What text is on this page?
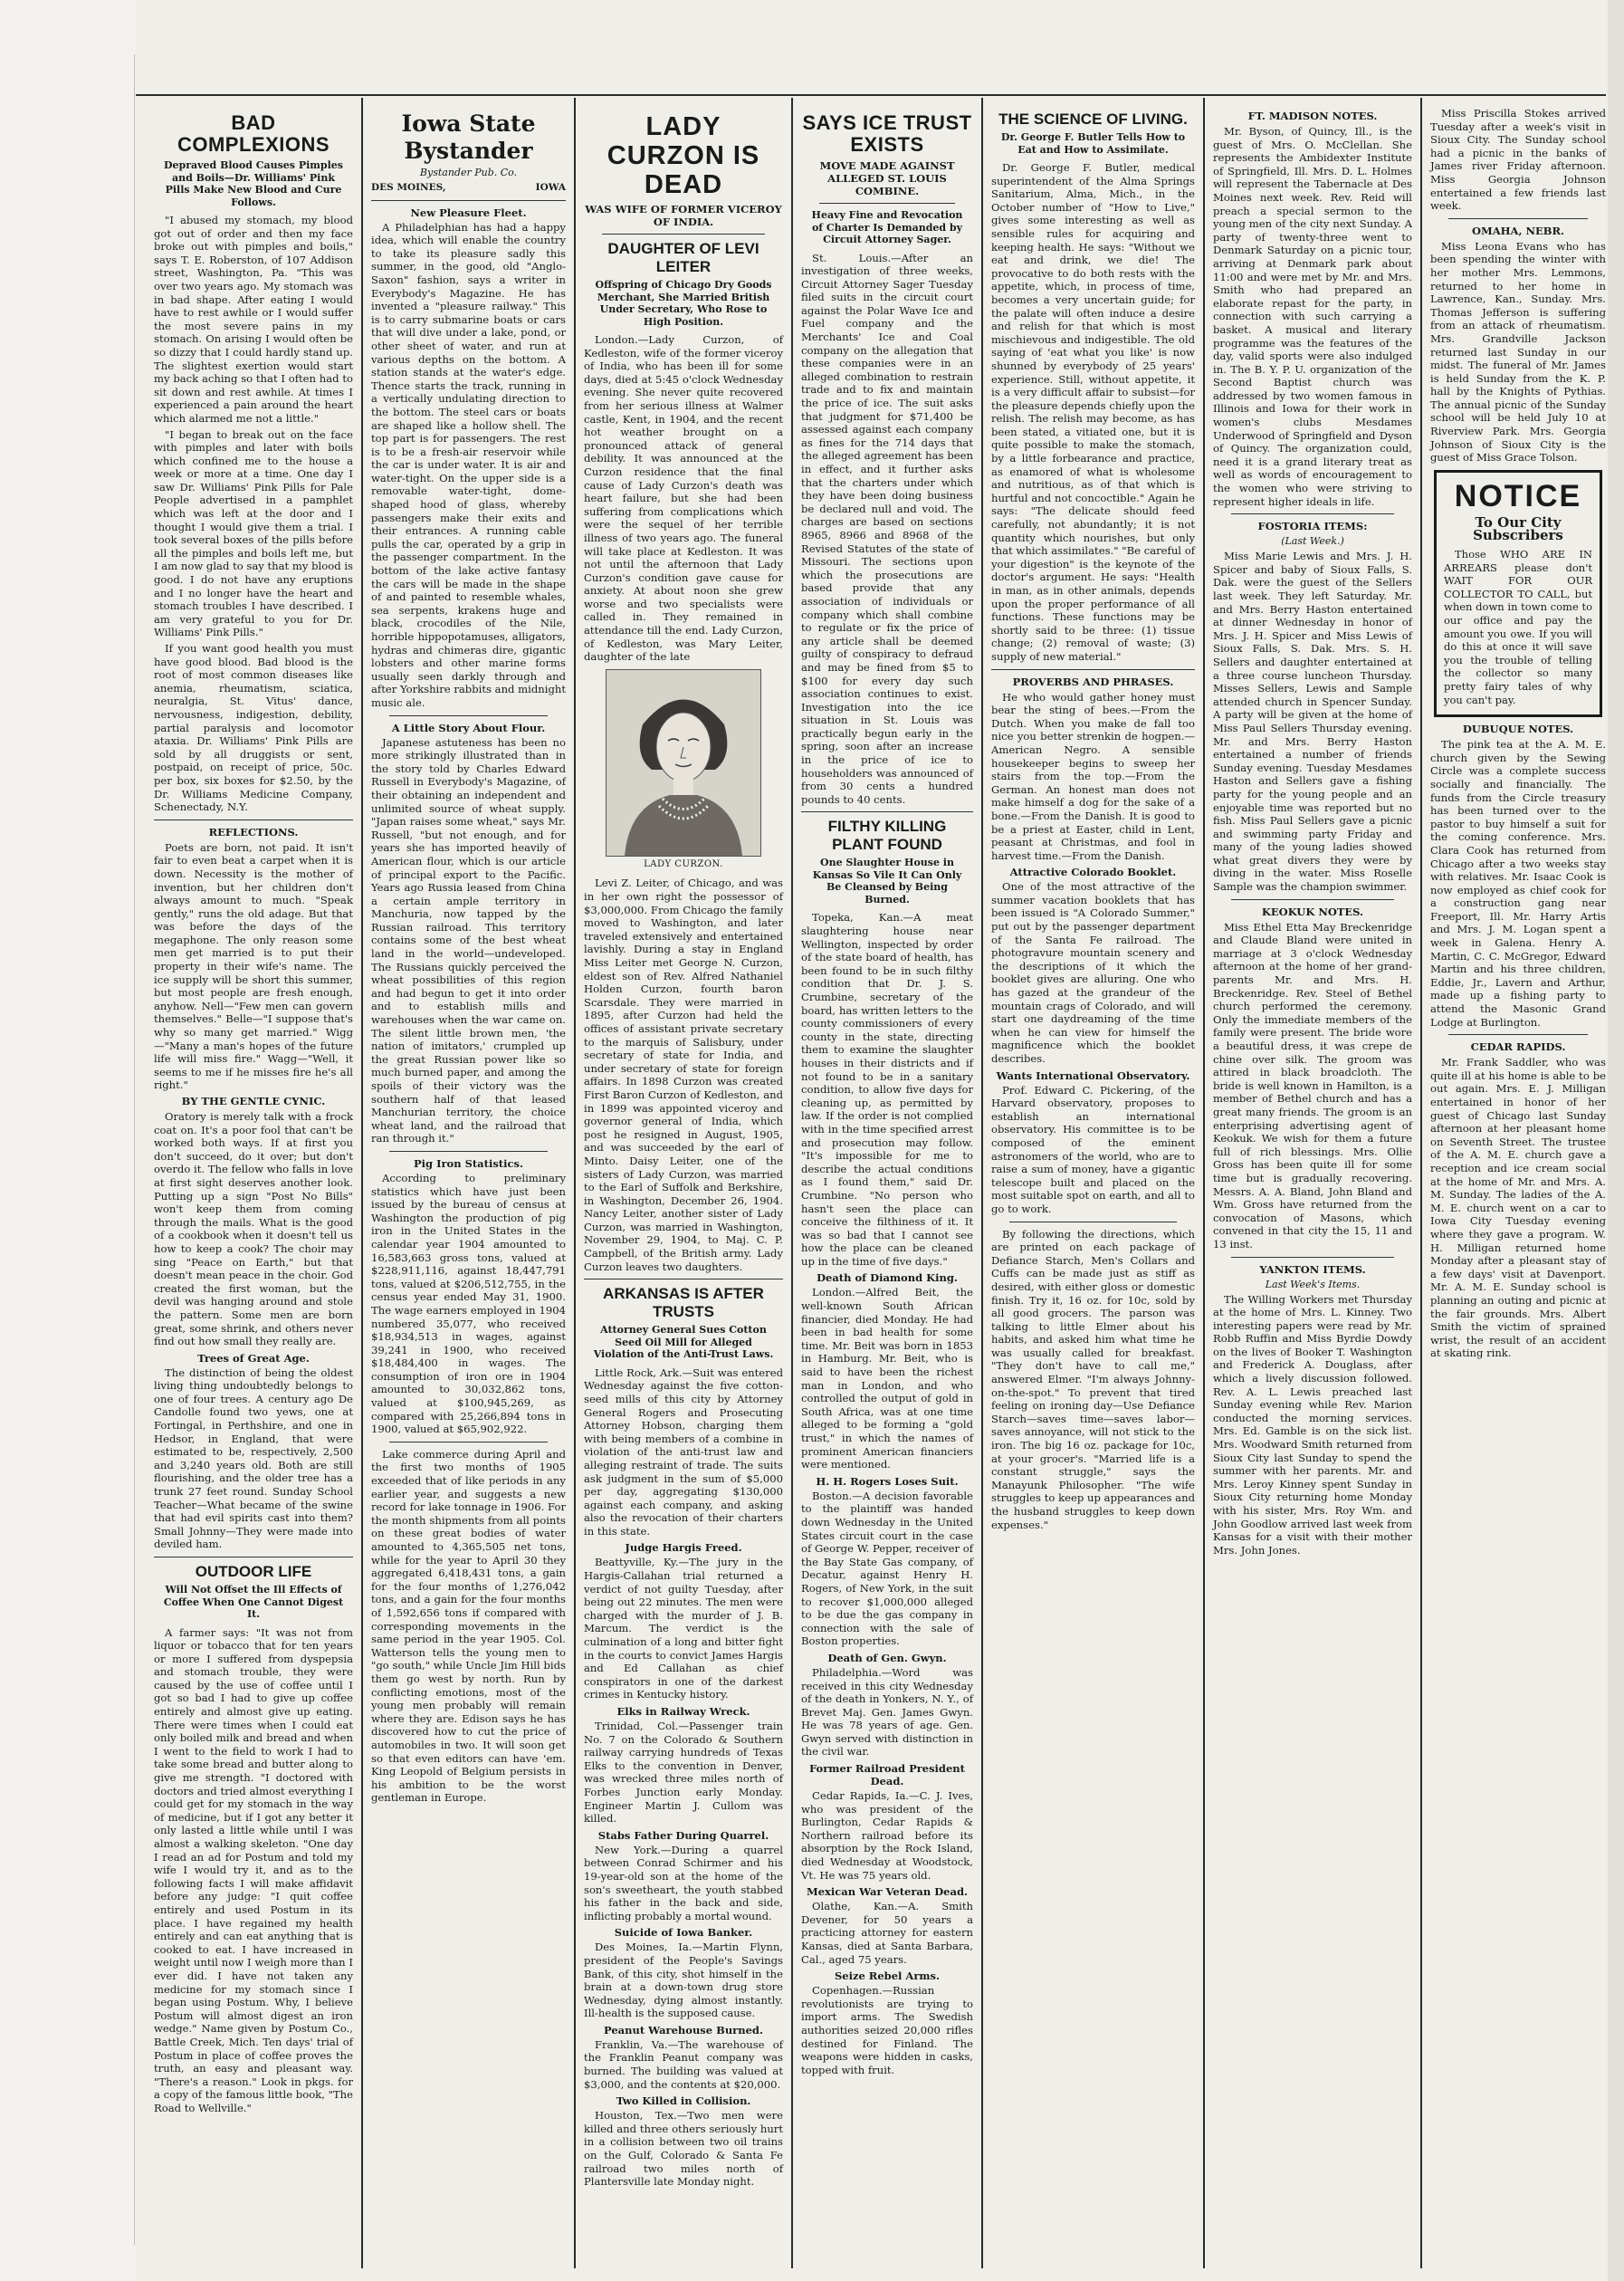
BAD COMPLEXIONS
Depraved Blood Causes Pimples and Boils—Dr. Williams' Pink Pills Make New Blood and Cure Follows.

"I abused my stomach, my blood got out of order and then my face broke out with pimples and boils," says T. E. Roberston, of 107 Addison street, Washington, Pa. "This was over two years ago. My stomach was in bad shape. After eating I would have to rest awhile or I would suffer the most severe pains in my stomach. On arising I would often be so dizzy that I could hardly stand up. The slightest exertion would start my back aching so that I often had to sit down and rest awhile. At times I experienced a pain around the heart which alarmed me not a little."

"I began to break out on the face with pimples and later with boils which confined me to the house a week or more at a time. One day I saw Dr. Williams' Pink Pills for Pale People advertised in a pamphlet which was left at the door and I thought I would give them a trial. I took several boxes of the pills before all the pimples and boils left me, but I am now glad to say that my blood is good. I do not have any eruptions and I no longer have the heart and stomach troubles I have described. I am very grateful to you for Dr. Williams' Pink Pills."

If you want good health you must have good blood. Bad blood is the root of most common diseases like anemia, rheumatism, sciatica, neuralgia, St. Vitus' dance, nervousness, indigestion, debility, partial paralysis and locomotor ataxia. Dr. Williams' Pink Pills are sold by all druggists or sent, postpaid, on receipt of price, 50c. per box, six boxes for $2.50, by the Dr. Williams Medicine Company, Schenectady, N.Y.

REFLECTIONS.

Poets are born, not paid. It isn't fair to even beat a carpet when it is down. Necessity is the mother of invention, but her children don't always amount to much. "Speak gently," runs the old adage. But that was before the days of the megaphone. The only reason some men get married is to put their property in their wife's name. The ice supply will be short this summer, but most people are fresh enough, anyhow. Nell—"Few men can govern themselves." Belle—"I suppose that's why so many get married." Wigg—"Many a man's hopes of the future life will miss fire." Wagg—"Well, it seems to me if he misses fire he's all right."

BY THE GENTLE CYNIC.

Oratory is merely talk with a frock coat on. It's a poor fool that can't be worked both ways. If at first you don't succeed, do it over; but don't overdo it. The fellow who falls in love at first sight deserves another look. Putting up a sign "Post No Bills" won't keep them from coming through the mails. What is the good of a cookbook when it doesn't tell us how to keep a cook? The choir may sing "Peace on Earth," but that doesn't mean peace in the choir. God created the first woman, but the devil was hanging around and stole the pattern. Some men are born great, some shrink, and others never find out how small they really are.

Trees of Great Age.

The distinction of being the oldest living thing undoubtedly belongs to one of four trees. A century ago De Candolle found two yews, one at Fortingal, in Perthshire, and one in Hedsor, in England, that were estimated to be, respectively, 2,500 and 3,240 years old. Both are still flourishing, and the older tree has a trunk 27 feet round. Sunday School Teacher—What became of the swine that had evil spirits cast into them? Small Johnny—They were made into deviled ham.

OUTDOOR LIFE
Will Not Offset the Ill Effects of Coffee When One Cannot Digest It.

A farmer says: "It was not from liquor or tobacco that for ten years or more I suffered from dyspepsia and stomach trouble, they were caused by the use of coffee until I got so bad I had to give up coffee entirely and almost give up eating. There were times when I could eat only boiled milk and bread and when I went to the field to work I had to take some bread and butter along to give me strength. "I doctored with doctors and tried almost everything I could get for my stomach in the way of medicine, but if I got any better it only lasted a little while until I was almost a walking skeleton. "One day I read an ad for Postum and told my wife I would try it, and as to the following facts I will make affidavit before any judge: "I quit coffee entirely and used Postum in its place. I have regained my health entirely and can eat anything that is cooked to eat. I have increased in weight until now I weigh more than I ever did. I have not taken any medicine for my stomach since I began using Postum. Why, I believe Postum will almost digest an iron wedge." Name given by Postum Co., Battle Creek, Mich. Ten days' trial of Postum in place of coffee proves the truth, an easy and pleasant way. "There's a reason." Look in pkgs. for a copy of the famous little book, "The Road to Wellville."

Iowa State Bystander
Bystander Pub. Co.
DES MOINES,	IOWA
New Pleasure Fleet.

A Philadelphian has had a happy idea, which will enable the country to take its pleasure sadly this summer, in the good, old "Anglo-Saxon" fashion, says a writer in Everybody's Magazine. He has invented a "pleasure railway." This is to carry submarine boats or cars that will dive under a lake, pond, or other sheet of water, and run at various depths on the bottom. A station stands at the water's edge. Thence starts the track, running in a vertically undulating direction to the bottom. The steel cars or boats are shaped like a hollow shell. The top part is for passengers. The rest is to be a fresh-air reservoir while the car is under water. It is air and water-tight. On the upper side is a removable water-tight, dome-shaped hood of glass, whereby passengers make their exits and their entrances. A running cable pulls the car, operated by a grip in the passenger compartment. In the bottom of the lake active fantasy the cars will be made in the shape of and painted to resemble whales, sea serpents, krakens huge and black, crocodiles of the Nile, horrible hippopotamuses, alligators, hydras and chimeras dire, gigantic lobsters and other marine forms usually seen darkly through and after Yorkshire rabbits and midnight music ale.

A Little Story About Flour.

Japanese astuteness has been no more strikingly illustrated than in the story told by Charles Edward Russell in Everybody's Magazine, of their obtaining an independent and unlimited source of wheat supply. "Japan raises some wheat," says Mr. Russell, "but not enough, and for years she has imported heavily of American flour, which is our article of principal export to the Pacific. Years ago Russia leased from China a certain ample territory in Manchuria, now tapped by the Russian railroad. This territory contains some of the best wheat land in the world—undeveloped. The Russians quickly perceived the wheat possibilities of this region and had begun to get it into order and to establish mills and warehouses when the war came on. The silent little brown men, 'the nation of imitators,' crumpled up the great Russian power like so much burned paper, and among the spoils of their victory was the southern half of that leased Manchurian territory, the choice wheat land, and the railroad that ran through it."

Pig Iron Statistics.

According to preliminary statistics which have just been issued by the bureau of census at Washington the production of pig iron in the United States in the calendar year 1904 amounted to 16,583,663 gross tons, valued at $228,911,116, against 18,447,791 tons, valued at $206,512,755, in the census year ended May 31, 1900. The wage earners employed in 1904 numbered 35,077, who received $18,934,513 in wages, against 39,241 in 1900, who received $18,484,400 in wages. The consumption of iron ore in 1904 amounted to 30,032,862 tons, valued at $100,945,269, as compared with 25,266,894 tons in 1900, valued at $65,902,922.

Lake commerce during April and the first two months of 1905 exceeded that of like periods in any earlier year, and suggests a new record for lake tonnage in 1906. For the month shipments from all points on these great bodies of water amounted to 4,365,505 net tons, while for the year to April 30 they aggregated 6,418,431 tons, a gain for the four months of 1,276,042 tons, and a gain for the four months of 1,592,656 tons if compared with corresponding movements in the same period in the year 1905. Col. Watterson tells the young men to "go south," while Uncle Jim Hill bids them go west by north. Run by conflicting emotions, most of the young men probably will remain where they are. Edison says he has discovered how to cut the price of automobiles in two. It will soon get so that even editors can have 'em. King Leopold of Belgium persists in his ambition to be the worst gentleman in Europe.

LADY CURZON IS DEAD
WAS WIFE OF FORMER VICEROY OF INDIA.
DAUGHTER OF LEVI LEITER
Offspring of Chicago Dry Goods Merchant, She Married British Under Secretary, Who Rose to High Position.

London.—Lady Curzon, of Kedleston, wife of the former viceroy of India, who has been ill for some days, died at 5:45 o'clock Wednesday evening. She never quite recovered from her serious illness at Walmer castle, Kent, in 1904, and the recent hot weather brought on a pronounced attack of general debility. It was announced at the Curzon residence that the final cause of Lady Curzon's death was heart failure, but she had been suffering from complications which were the sequel of her terrible illness of two years ago. The funeral will take place at Kedleston. It was not until the afternoon that Lady Curzon's condition gave cause for anxiety. At about noon she grew worse and two specialists were called in. They remained in attendance till the end. Lady Curzon, of Kedleston, was Mary Leiter, daughter of the late

LADY CURZON.

Levi Z. Leiter, of Chicago, and was in her own right the possessor of $3,000,000. From Chicago the family moved to Washington, and later traveled extensively and entertained lavishly. During a stay in England Miss Leiter met George N. Curzon, eldest son of Rev. Alfred Nathaniel Holden Curzon, fourth baron Scarsdale. They were married in 1895, after Curzon had held the offices of assistant private secretary to the marquis of Salisbury, under secretary of state for India, and under secretary of state for foreign affairs. In 1898 Curzon was created First Baron Curzon of Kedleston, and in 1899 was appointed viceroy and governor general of India, which post he resigned in August, 1905, and was succeeded by the earl of Minto. Daisy Leiter, one of the sisters of Lady Curzon, was married to the Earl of Suffolk and Berkshire, in Washington, December 26, 1904. Nancy Leiter, another sister of Lady Curzon, was married in Washington, November 29, 1904, to Maj. C. P. Campbell, of the British army. Lady Curzon leaves two daughters.

ARKANSAS IS AFTER TRUSTS
Attorney General Sues Cotton Seed Oil Mill for Alleged Violation of the Anti-Trust Laws.

Little Rock, Ark.—Suit was entered Wednesday against the five cotton-seed mills of this city by Attorney General Rogers and Prosecuting Attorney Hobson, charging them with being members of a combine in violation of the anti-trust law and alleging restraint of trade. The suits ask judgment in the sum of $5,000 per day, aggregating $130,000 against each company, and asking also the revocation of their charters in this state.

Judge Hargis Freed.

Beattyville, Ky.—The jury in the Hargis-Callahan trial returned a verdict of not guilty Tuesday, after being out 22 minutes. The men were charged with the murder of J. B. Marcum. The verdict is the culmination of a long and bitter fight in the courts to convict James Hargis and Ed Callahan as chief conspirators in one of the darkest crimes in Kentucky history.

Elks in Railway Wreck.

Trinidad, Col.—Passenger train No. 7 on the Colorado & Southern railway carrying hundreds of Texas Elks to the convention in Denver, was wrecked three miles north of Forbes Junction early Monday. Engineer Martin J. Cullom was killed.

Stabs Father During Quarrel.

New York.—During a quarrel between Conrad Schirmer and his 19-year-old son at the home of the son's sweetheart, the youth stabbed his father in the back and side, inflicting probably a mortal wound.

Suicide of Iowa Banker.

Des Moines, Ia.—Martin Flynn, president of the People's Savings Bank, of this city, shot himself in the brain at a down-town drug store Wednesday, dying almost instantly. Ill-health is the supposed cause.

Peanut Warehouse Burned.

Franklin, Va.—The warehouse of the Franklin Peanut company was burned. The building was valued at $3,000, and the contents at $20,000.

Two Killed in Collision.

Houston, Tex.—Two men were killed and three others seriously hurt in a collision between two oil trains on the Gulf, Colorado & Santa Fe railroad two miles north of Plantersville late Monday night.

SAYS ICE TRUST EXISTS
MOVE MADE AGAINST ALLEGED ST. LOUIS COMBINE.
Heavy Fine and Revocation of Charter Is Demanded by Circuit Attorney Sager.

St. Louis.—After an investigation of three weeks, Circuit Attorney Sager Tuesday filed suits in the circuit court against the Polar Wave Ice and Fuel company and the Merchants' Ice and Coal company on the allegation that these companies were in an alleged combination to restrain trade and to fix and maintain the price of ice. The suit asks that judgment for $71,400 be assessed against each company as fines for the 714 days that the alleged agreement has been in effect, and it further asks that the charters under which they have been doing business be declared null and void. The charges are based on sections 8965, 8966 and 8968 of the Revised Statutes of the state of Missouri. The sections upon which the prosecutions are based provide that any association of individuals or company which shall combine to regulate or fix the price of any article shall be deemed guilty of conspiracy to defraud and may be fined from $5 to $100 for every day such association continues to exist. Investigation into the ice situation in St. Louis was practically begun early in the spring, soon after an increase in the price of ice to householders was announced of from 30 cents a hundred pounds to 40 cents.

FILTHY KILLING PLANT FOUND
One Slaughter House in Kansas So Vile It Can Only Be Cleansed by Being Burned.

Topeka, Kan.—A meat slaughtering house near Wellington, inspected by order of the state board of health, has been found to be in such filthy condition that Dr. J. S. Crumbine, secretary of the board, has written letters to the county commissioners of every county in the state, directing them to examine the slaughter houses in their districts and if not found to be in a sanitary condition, to allow five days for cleaning up, as permitted by law. If the order is not complied with in the time specified arrest and prosecution may follow. "It's impossible for me to describe the actual conditions as I found them," said Dr. Crumbine. "No person who hasn't seen the place can conceive the filthiness of it. It was so bad that I cannot see how the place can be cleaned up in the time of five days."

Death of Diamond King.

London.—Alfred Beit, the well-known South African financier, died Monday. He had been in bad health for some time. Mr. Beit was born in 1853 in Hamburg. Mr. Beit, who is said to have been the richest man in London, and who controlled the output of gold in South Africa, was at one time alleged to be forming a "gold trust," in which the names of prominent American financiers were mentioned.

H. H. Rogers Loses Suit.

Boston.—A decision favorable to the plaintiff was handed down Wednesday in the United States circuit court in the case of George W. Pepper, receiver of the Bay State Gas company, of Decatur, against Henry H. Rogers, of New York, in the suit to recover $1,000,000 alleged to be due the gas company in connection with the sale of Boston properties.

Death of Gen. Gwyn.

Philadelphia.—Word was received in this city Wednesday of the death in Yonkers, N. Y., of Brevet Maj. Gen. James Gwyn. He was 78 years of age. Gen. Gwyn served with distinction in the civil war.

Former Railroad President Dead.

Cedar Rapids, Ia.—C. J. Ives, who was president of the Burlington, Cedar Rapids & Northern railroad before its absorption by the Rock Island, died Wednesday at Woodstock, Vt. He was 75 years old.

Mexican War Veteran Dead.

Olathe, Kan.—A. Smith Devener, for 50 years a practicing attorney for eastern Kansas, died at Santa Barbara, Cal., aged 75 years.

Seize Rebel Arms.

Copenhagen.—Russian revolutionists are trying to import arms. The Swedish authorities seized 20,000 rifles destined for Finland. The weapons were hidden in casks, topped with fruit.

THE SCIENCE OF LIVING.
Dr. George F. Butler Tells How to Eat and How to Assimilate.

Dr. George F. Butler, medical superintendent of the Alma Springs Sanitarium, Alma, Mich., in the October number of "How to Live," gives some interesting as well as sensible rules for acquiring and keeping health. He says: "Without we eat and drink, we die! The provocative to do both rests with the appetite, which, in process of time, becomes a very uncertain guide; for the palate will often induce a desire and relish for that which is most mischievous and indigestible. The old saying of 'eat what you like' is now shunned by everybody of 25 years' experience. Still, without appetite, it is a very difficult affair to subsist—for the pleasure depends chiefly upon the relish. The relish may become, as has been stated, a vitiated one, but it is quite possible to make the stomach, by a little forbearance and practice, as enamored of what is wholesome and nutritious, as of that which is hurtful and not concoctible." Again he says: "The delicate should feed carefully, not abundantly; it is not quantity which nourishes, but only that which assimilates." "Be careful of your digestion" is the keynote of the doctor's argument. He says: "Health in man, as in other animals, depends upon the proper performance of all functions. These functions may be shortly said to be three: (1) tissue change; (2) removal of waste; (3) supply of new material."

PROVERBS AND PHRASES.

He who would gather honey must bear the sting of bees.—From the Dutch. When you make de fall too nice you better strenkin de hogpen.—American Negro. A sensible housekeeper begins to sweep her stairs from the top.—From the German. An honest man does not make himself a dog for the sake of a bone.—From the Danish. It is good to be a priest at Easter, child in Lent, peasant at Christmas, and fool in harvest time.—From the Danish.

Attractive Colorado Booklet.

One of the most attractive of the summer vacation booklets that has been issued is "A Colorado Summer," put out by the passenger department of the Santa Fe railroad. The photogravure mountain scenery and the descriptions of it which the booklet gives are alluring. One who has gazed at the grandeur of the mountain crags of Colorado, and will start one daydreaming of the time when he can view for himself the magnificence which the booklet describes.

Wants International Observatory.

Prof. Edward C. Pickering, of the Harvard observatory, proposes to establish an international observatory. His committee is to be composed of the eminent astronomers of the world, who are to raise a sum of money, have a gigantic telescope built and placed on the most suitable spot on earth, and all to go to work.

By following the directions, which are printed on each package of Defiance Starch, Men's Collars and Cuffs can be made just as stiff as desired, with either gloss or domestic finish. Try it, 16 oz. for 10c, sold by all good grocers. The parson was talking to little Elmer about his habits, and asked him what time he was usually called for breakfast. "They don't have to call me," answered Elmer. "I'm always Johnny-on-the-spot." To prevent that tired feeling on ironing day—Use Defiance Starch—saves time—saves labor—saves annoyance, will not stick to the iron. The big 16 oz. package for 10c, at your grocer's. "Married life is a constant struggle," says the Manayunk Philosopher. "The wife struggles to keep up appearances and the husband struggles to keep down expenses."

FT. MADISON NOTES.

Mr. Byson, of Quincy, Ill., is the guest of Mrs. O. McClellan. She represents the Ambidexter Institute of Springfield, Ill. Mrs. D. L. Holmes will represent the Tabernacle at Des Moines next week. Rev. Reid will preach a special sermon to the young men of the city next Sunday. A party of twenty-three went to Denmark Saturday on a picnic tour, arriving at Denmark park about 11:00 and were met by Mr. and Mrs. Smith who had prepared an elaborate repast for the party, in connection with such carrying a basket. A musical and literary programme was the features of the day, valid sports were also indulged in. The B. Y. P. U. organization of the Second Baptist church was addressed by two women famous in Illinois and Iowa for their work in women's clubs Mesdames Underwood of Springfield and Dyson of Quincy. The organization could, need it is a grand literary treat as well as words of encouragement to the women who were striving to represent higher ideals in life.

FOSTORIA ITEMS:
(Last Week.)

Miss Marie Lewis and Mrs. J. H. Spicer and baby of Sioux Falls, S. Dak. were the guest of the Sellers last week. They left Saturday. Mr. and Mrs. Berry Haston entertained at dinner Wednesday in honor of Mrs. J. H. Spicer and Miss Lewis of Sioux Falls, S. Dak. Mrs. S. H. Sellers and daughter entertained at a three course luncheon Thursday. Misses Sellers, Lewis and Sample attended church in Spencer Sunday. A party will be given at the home of Miss Paul Sellers Thursday evening. Mr. and Mrs. Berry Haston entertained a number of friends Sunday evening. Tuesday Mesdames Haston and Sellers gave a fishing party for the young people and an enjoyable time was reported but no fish. Miss Paul Sellers gave a picnic and swimming party Friday and many of the young ladies showed what great divers they were by diving in the water. Miss Roselle Sample was the champion swimmer.

KEOKUK NOTES.

Miss Ethel Etta May Breckenridge and Claude Bland were united in marriage at 3 o'clock Wednesday afternoon at the home of her grand-parents Mr. and Mrs. H. Breckenridge. Rev. Steel of Bethel church performed the ceremony. Only the immediate members of the family were present. The bride wore a beautiful dress, it was crepe de chine over silk. The groom was attired in black broadcloth. The bride is well known in Hamilton, is a member of Bethel church and has a great many friends. The groom is an enterprising advertising agent of Keokuk. We wish for them a future full of rich blessings. Mrs. Ollie Gross has been quite ill for some time but is gradually recovering. Messrs. A. A. Bland, John Bland and Wm. Gross have returned from the convocation of Masons, which convened in that city the 15, 11 and 13 inst.

YANKTON ITEMS.
Last Week's Items.

The Willing Workers met Thursday at the home of Mrs. L. Kinney. Two interesting papers were read by Mr. Robb Ruffin and Miss Byrdie Dowdy on the lives of Booker T. Washington and Frederick A. Douglass, after which a lively discussion followed. Rev. A. L. Lewis preached last Sunday evening while Rev. Marion conducted the morning services. Mrs. Ed. Gamble is on the sick list. Mrs. Woodward Smith returned from Sioux City last Sunday to spend the summer with her parents. Mr. and Mrs. Leroy Kinney spent Sunday in Sioux City returning home Monday with his sister, Mrs. Roy Wm. and John Goodlow arrived last week from Kansas for a visit with their mother Mrs. John Jones.

Miss Priscilla Stokes arrived Tuesday after a week's visit in Sioux City. The Sunday school had a picnic in the banks of James river Friday afternoon. Miss Georgia Johnson entertained a few friends last week.

OMAHA, NEBR.

Miss Leona Evans who has been spending the winter with her mother Mrs. Lemmons, returned to her home in Lawrence, Kan., Sunday. Mrs. Thomas Jefferson is suffering from an attack of rheumatism. Mrs. Grandville Jackson returned last Sunday in our midst. The funeral of Mr. James is held Sunday from the K. P. hall by the Knights of Pythias. The annual picnic of the Sunday school will be held July 10 at Riverview Park. Mrs. Georgia Johnson of Sioux City is the guest of Miss Grace Tolson.

NOTICE
To Our City Subscribers

Those WHO ARE IN ARREARS please don't WAIT FOR OUR COLLECTOR TO CALL, but when down in town come to our office and pay the amount you owe. If you will do this at once it will save you the trouble of telling the collector so many pretty fairy tales of why you can't pay.

DUBUQUE NOTES.

The pink tea at the A. M. E. church given by the Sewing Circle was a complete success socially and financially. The funds from the Circle treasury has been turned over to the pastor to buy himself a suit for the coming conference. Mrs. Clara Cook has returned from Chicago after a two weeks stay with relatives. Mr. Isaac Cook is now employed as chief cook for a construction gang near Freeport, Ill. Mr. Harry Artis and Mrs. J. M. Logan spent a week in Galena. Henry A. Martin, C. C. McGregor, Edward Martin and his three children, Eddie, Jr., Lavern and Arthur, made up a fishing party to attend the Masonic Grand Lodge at Burlington.

CEDAR RAPIDS.

Mr. Frank Saddler, who was quite ill at his home is able to be out again. Mrs. E. J. Milligan entertained in honor of her guest of Chicago last Sunday afternoon at her pleasant home on Seventh Street. The trustee of the A. M. E. church gave a reception and ice cream social at the home of Mr. and Mrs. A. M. Sunday. The ladies of the A. M. E. church went on a car to Iowa City Tuesday evening where they gave a program. W. H. Milligan returned home Monday after a pleasant stay of a few days' visit at Davenport. Mr. A. M. E. Sunday school is planning an outing and picnic at the fair grounds. Mrs. Albert Smith the victim of sprained wrist, the result of an accident at skating rink.
